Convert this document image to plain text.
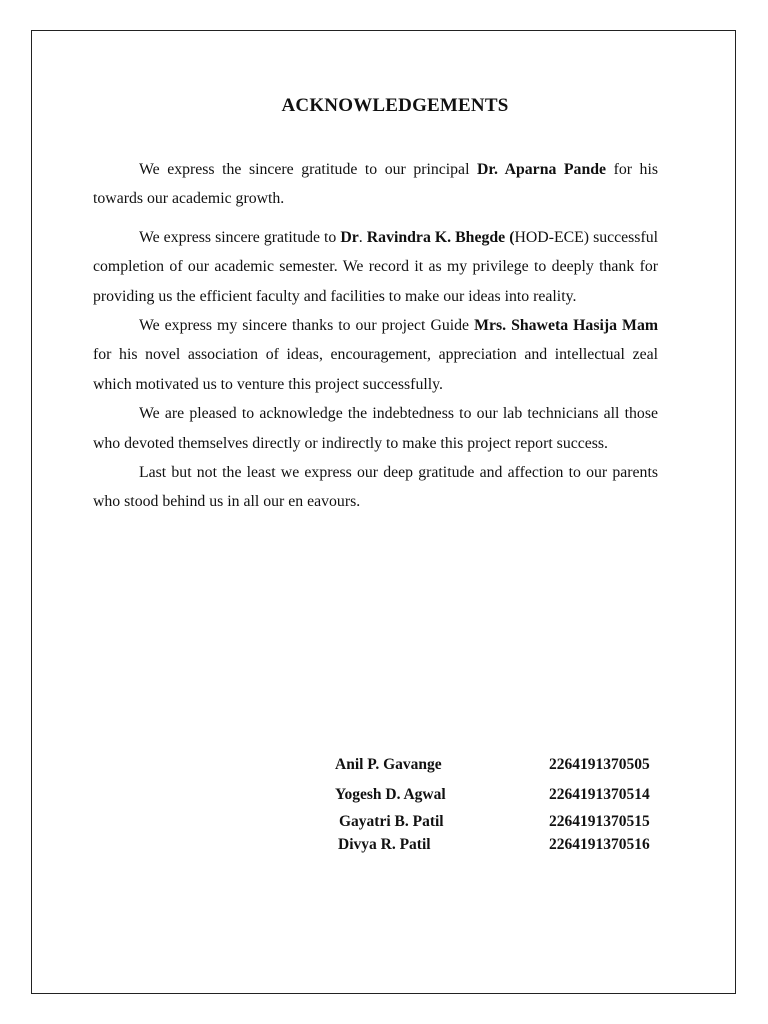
ACKNOWLEDGEMENTS

We express the sincere gratitude to our principal Dr. Aparna Pande for his towards our academic growth.

We express sincere gratitude to Dr. Ravindra K. Bhegde (HOD-ECE) successful completion of our academic semester. We record it as my privilege to deeply thank for providing us the efficient faculty and facilities to make our ideas into reality.

We express my sincere thanks to our project Guide Mrs. Shaweta Hasija Mam for his novel association of ideas, encouragement, appreciation and intellectual zeal which motivated us to venture this project successfully.

We are pleased to acknowledge the indebtedness to our lab technicians all those who devoted themselves directly or indirectly to make this project report success.

Last but not the least we express our deep gratitude and affection to our parents who stood behind us in all our en eavours.

Anil P. Gavange	2264191370505
Yogesh D. Agwal	2264191370514
Gayatri B. Patil	2264191370515
Divya R. Patil	2264191370516
